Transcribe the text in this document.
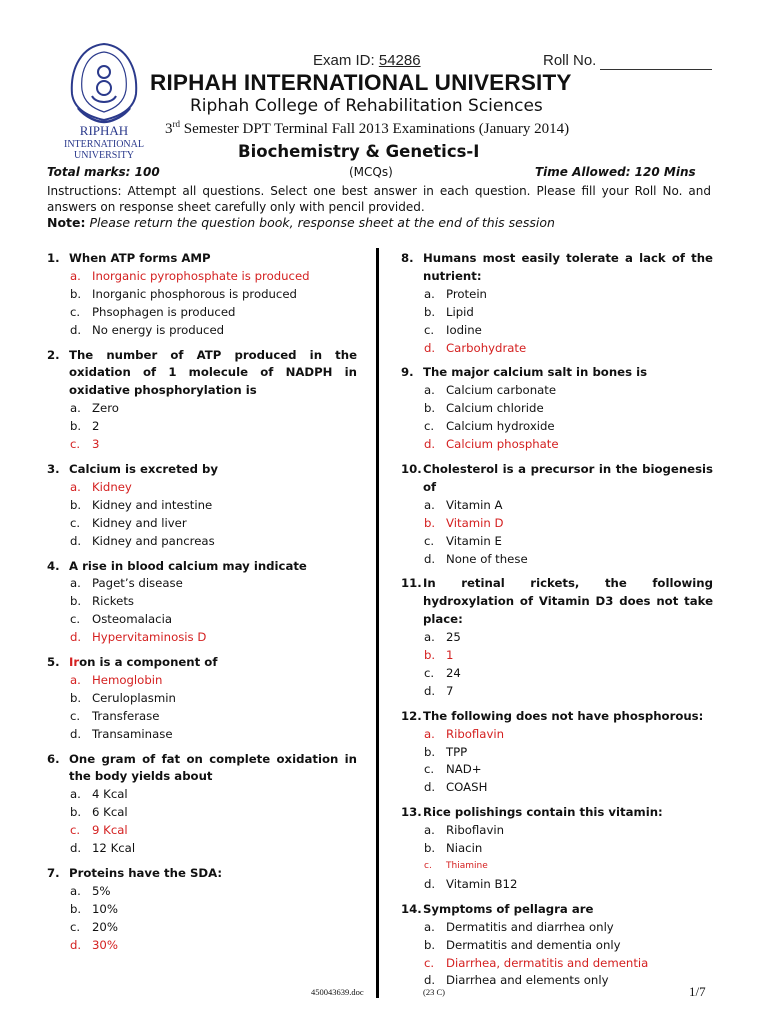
RIPHAH
INTERNATIONAL
UNIVERSITY
Exam ID: 54286	Roll No.
RIPHAH INTERNATIONAL UNIVERSITY
Riphah College of Rehabilitation Sciences
3rd Semester DPT Terminal Fall 2013 Examinations (January 2014)
Biochemistry & Genetics-I
Total marks: 100	(MCQs)	Time Allowed: 120 Mins
Instructions: Attempt all questions. Select one best answer in each question. Please fill your Roll No. and answers on response sheet carefully only with pencil provided.
Note: Please return the question book, response sheet at the end of this session
1. When ATP forms AMP
a. Inorganic pyrophosphate is produced
b. Inorganic phosphorous is produced
c.	Phsophagen is produced
d. No energy is produced
2. The number of ATP produced in the oxidation of 1 molecule of NADPH in oxidative phosphorylation is
a. Zero
b. 2
c.	3
3. Calcium is excreted by
a. Kidney
b. Kidney and intestine
c.	Kidney and liver
d. Kidney and pancreas
4. A rise in blood calcium may indicate
a. Paget’s disease
b. Rickets
c.	Osteomalacia
d. Hypervitaminosis D
5. Iron is a component of
a. Hemoglobin
b. Ceruloplasmin
c.	Transferase
d. Transaminase
6. One gram of fat on complete oxidation in the body yields about
a. 4 Kcal
b. 6 Kcal
c.	9 Kcal
d. 12 Kcal
7. Proteins have the SDA:
a. 5%
b. 10%
c.	20%
d. 30%
8. Humans most easily tolerate a lack of the nutrient:
a. Protein
b. Lipid
c.	Iodine
d. Carbohydrate
9. The major calcium salt in bones is
a. Calcium carbonate
b. Calcium chloride
c.	Calcium hydroxide
d. Calcium phosphate
10. Cholesterol is a precursor in the biogenesis of
a. Vitamin A
b. Vitamin D
c.	Vitamin E
d. None of these
11. In retinal rickets, the following hydroxylation of Vitamin D3 does not take place:
a. 25
b. 1
c.	24
d. 7
12. The following does not have phosphorous:
a. Riboflavin
b. TPP
c.	NAD+
d. COASH
13. Rice polishings contain this vitamin:
a. Riboflavin
b. Niacin
c.	Thiamine
d. Vitamin B12
14. Symptoms of pellagra are
a. Dermatitis and diarrhea only
b. Dermatitis and dementia only
c.	Diarrhea, dermatitis and dementia
d. Diarrhea and elements only
450043639.doc	(23 C)	1/7
